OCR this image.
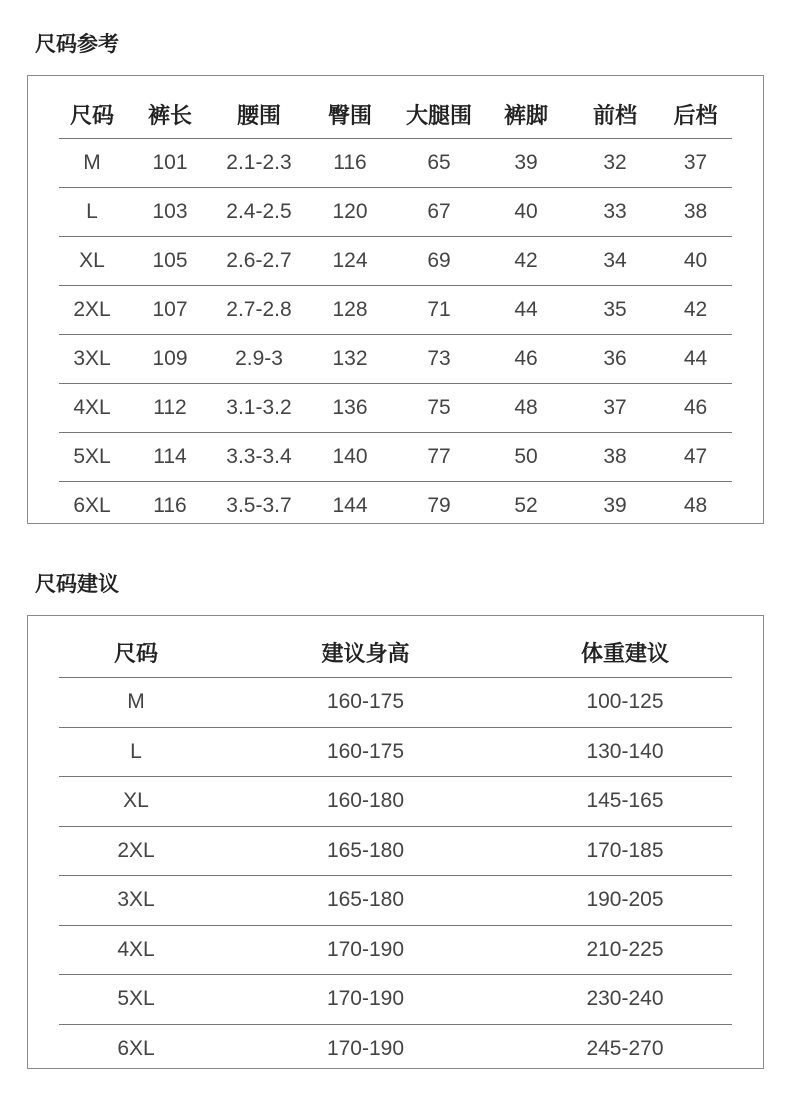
尺码参考
尺码	裤长	腰围	臀围	大腿围	裤脚	前档	后档
M	101	2.1-2.3	116	65	39	32	37
L	103	2.4-2.5	120	67	40	33	38
XL	105	2.6-2.7	124	69	42	34	40
2XL	107	2.7-2.8	128	71	44	35	42
3XL	109	2.9-3	132	73	46	36	44
4XL	112	3.1-3.2	136	75	48	37	46
5XL	114	3.3-3.4	140	77	50	38	47
6XL	116	3.5-3.7	144	79	52	39	48
尺码建议
尺码	建议身高	体重建议
M	160-175	100-125
L	160-175	130-140
XL	160-180	145-165
2XL	165-180	170-185
3XL	165-180	190-205
4XL	170-190	210-225
5XL	170-190	230-240
6XL	170-190	245-270
